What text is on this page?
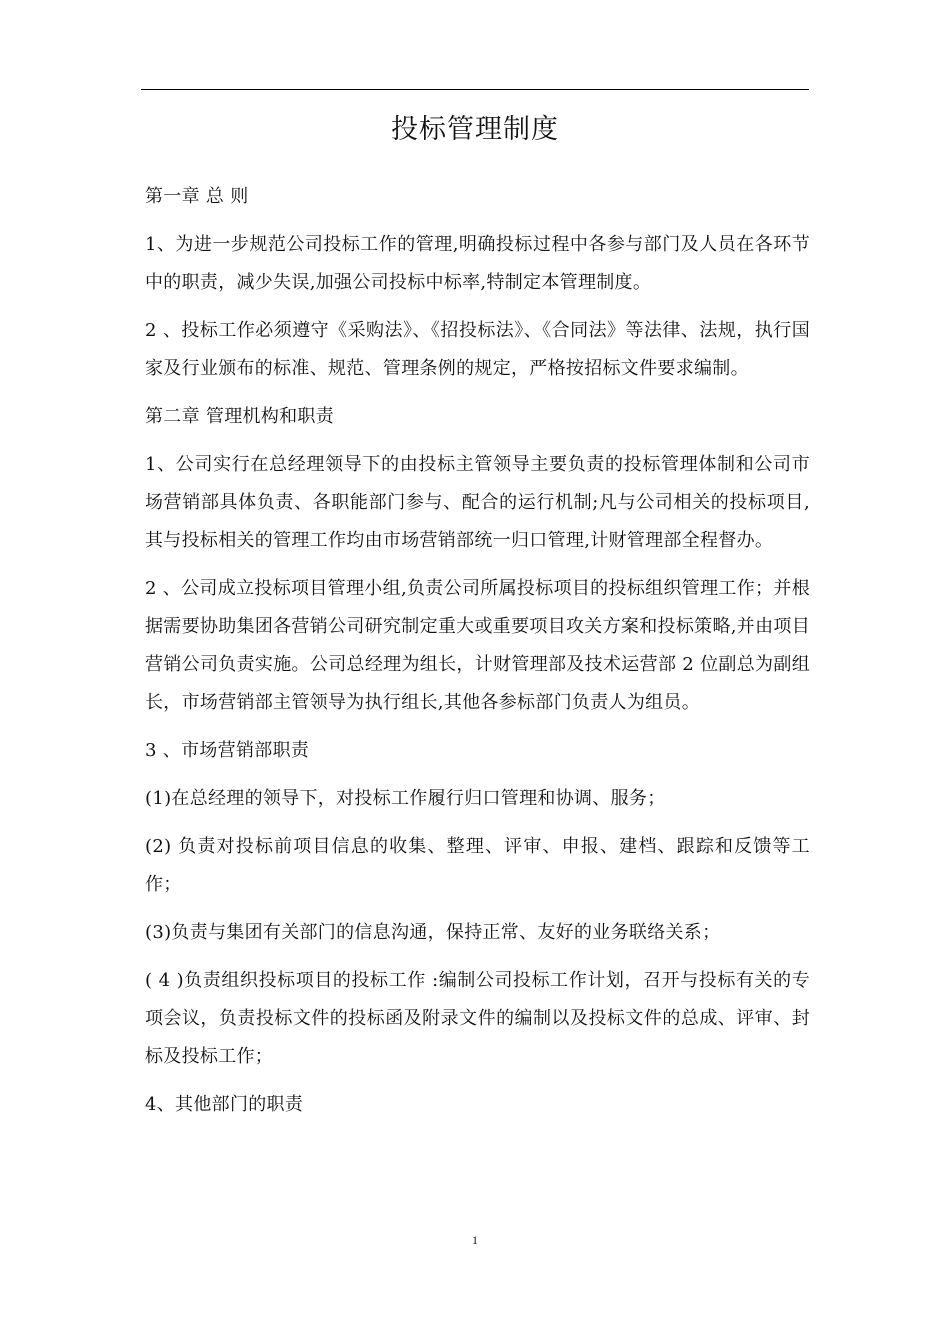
投标管理制度

第一章 总 则

1、为进一步规范公司投标工作的管理,明确投标过程中各参与部门及人员在各环节中的职责，减少失误,加强公司投标中标率,特制定本管理制度。

2 、投标工作必须遵守《采购法》、《招投标法》、《合同法》等法律、法规，执行国家及行业颁布的标准、规范、管理条例的规定，严格按招标文件要求编制。

第二章 管理机构和职责

1、公司实行在总经理领导下的由投标主管领导主要负责的投标管理体制和公司市场营销部具体负责、各职能部门参与、配合的运行机制;凡与公司相关的投标项目,其与投标相关的管理工作均由市场营销部统一归口管理,计财管理部全程督办。

2 、公司成立投标项目管理小组,负责公司所属投标项目的投标组织管理工作；并根据需要协助集团各营销公司研究制定重大或重要项目攻关方案和投标策略,并由项目营销公司负责实施。公司总经理为组长，计财管理部及技术运营部 2 位副总为副组长，市场营销部主管领导为执行组长,其他各参标部门负责人为组员。

3 、市场营销部职责

(1)在总经理的领导下，对投标工作履行归口管理和协调、服务；

(2) 负责对投标前项目信息的收集、整理、评审、申报、建档、跟踪和反馈等工作；

(3)负责与集团有关部门的信息沟通，保持正常、友好的业务联络关系；

( 4 )负责组织投标项目的投标工作 :编制公司投标工作计划，召开与投标有关的专项会议，负责投标文件的投标函及附录文件的编制以及投标文件的总成、评审、封标及投标工作；

4、其他部门的职责

1
